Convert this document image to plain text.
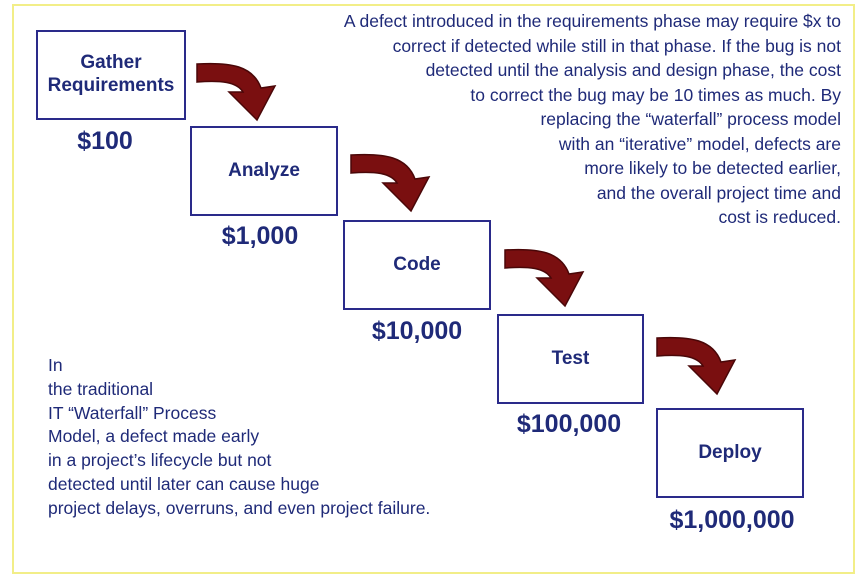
Gather Requirements
Analyze
Code
Test
Deploy
$100
$1,000
$10,000
$100,000
$1,000,000
A defect introduced in the requirements phase may require $x to
correct if detected while still in that phase. If the bug is not
detected until the analysis and design phase, the cost
to correct the bug may be 10 times as much. By
replacing the “waterfall” process model
with an “iterative” model, defects are
more likely to be detected earlier,
and the overall project time and
cost is reduced.
In
the traditional
IT “Waterfall” Process
Model, a defect made early
in a project’s lifecycle but not
detected until later can cause huge
project delays, overruns, and even project failure.
